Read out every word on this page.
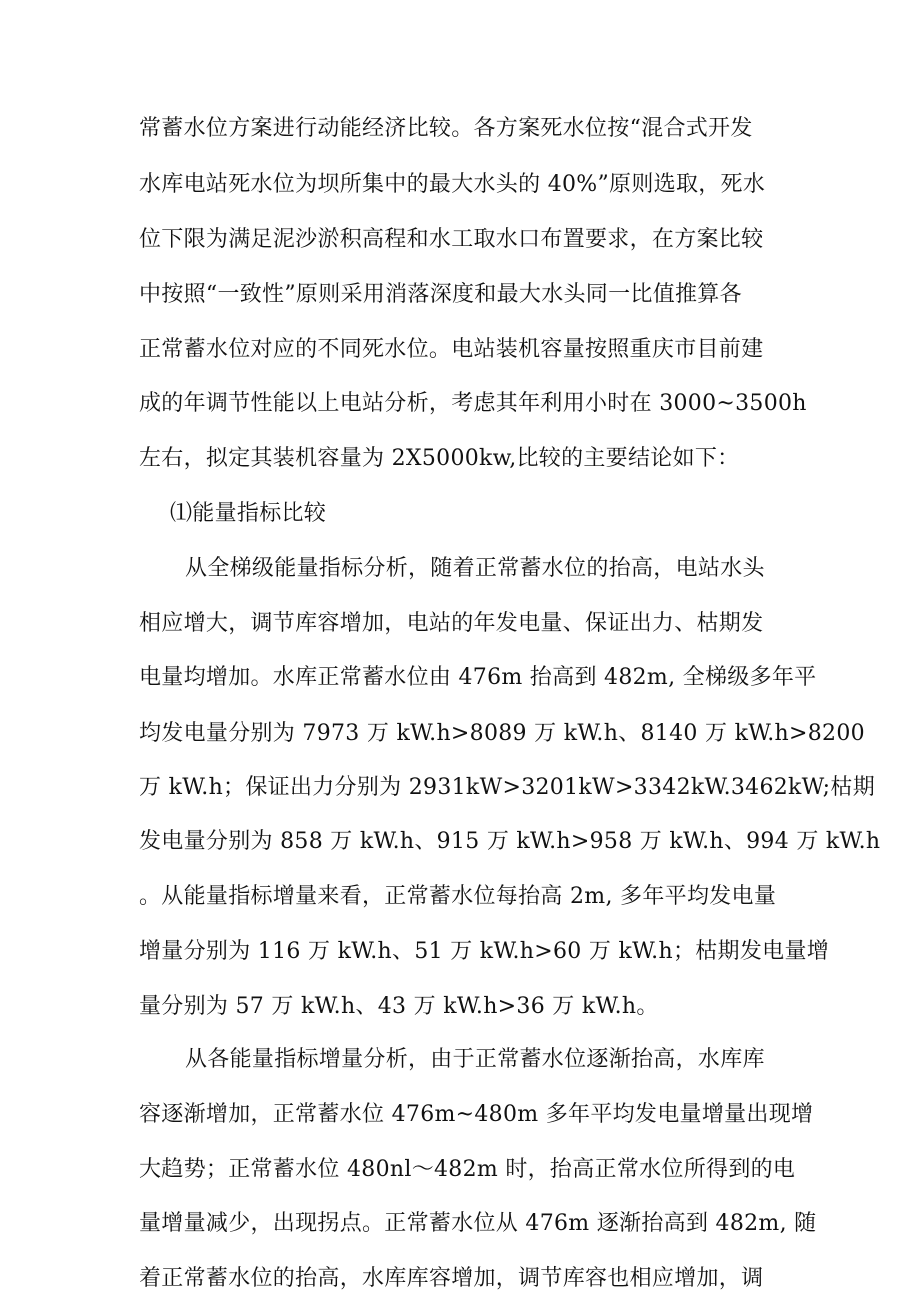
常蓄水位方案进行动能经济比较。各方案死水位按“混合式开发
水库电站死水位为坝所集中的最大水头的 40%”原则选取，死水
位下限为满足泥沙淤积高程和水工取水口布置要求，在方案比较
中按照“一致性”原则采用消落深度和最大水头同一比值推算各
正常蓄水位对应的不同死水位。电站装机容量按照重庆市目前建
成的年调节性能以上电站分析，考虑其年利用小时在 3000~3500h
左右，拟定其装机容量为 2X5000kw,比较的主要结论如下：
⑴能量指标比较
从全梯级能量指标分析，随着正常蓄水位的抬高，电站水头
相应增大，调节库容增加，电站的年发电量、保证出力、枯期发
电量均增加。水库正常蓄水位由 476m 抬高到 482m, 全梯级多年平
均发电量分别为 7973 万 kW.h>8089 万 kW.h、8140 万 kW.h>8200
万 kW.h；保证出力分别为 2931kW>3201kW>3342kW.3462kW;枯期
发电量分别为 858 万 kW.h、915 万 kW.h>958 万 kW.h、994 万 kW.h
。从能量指标增量来看，正常蓄水位每抬高 2m, 多年平均发电量
增量分别为 116 万 kW.h、51 万 kW.h>60 万 kW.h；枯期发电量增
量分别为 57 万 kW.h、43 万 kW.h>36 万 kW.h。
从各能量指标增量分析，由于正常蓄水位逐渐抬高，水库库
容逐渐增加，正常蓄水位 476m~480m 多年平均发电量增量出现增
大趋势；正常蓄水位 480nl～482m 时，抬高正常水位所得到的电
量增量减少，出现拐点。正常蓄水位从 476m 逐渐抬高到 482m, 随
着正常蓄水位的抬高，水库库容增加，调节库容也相应增加，调
